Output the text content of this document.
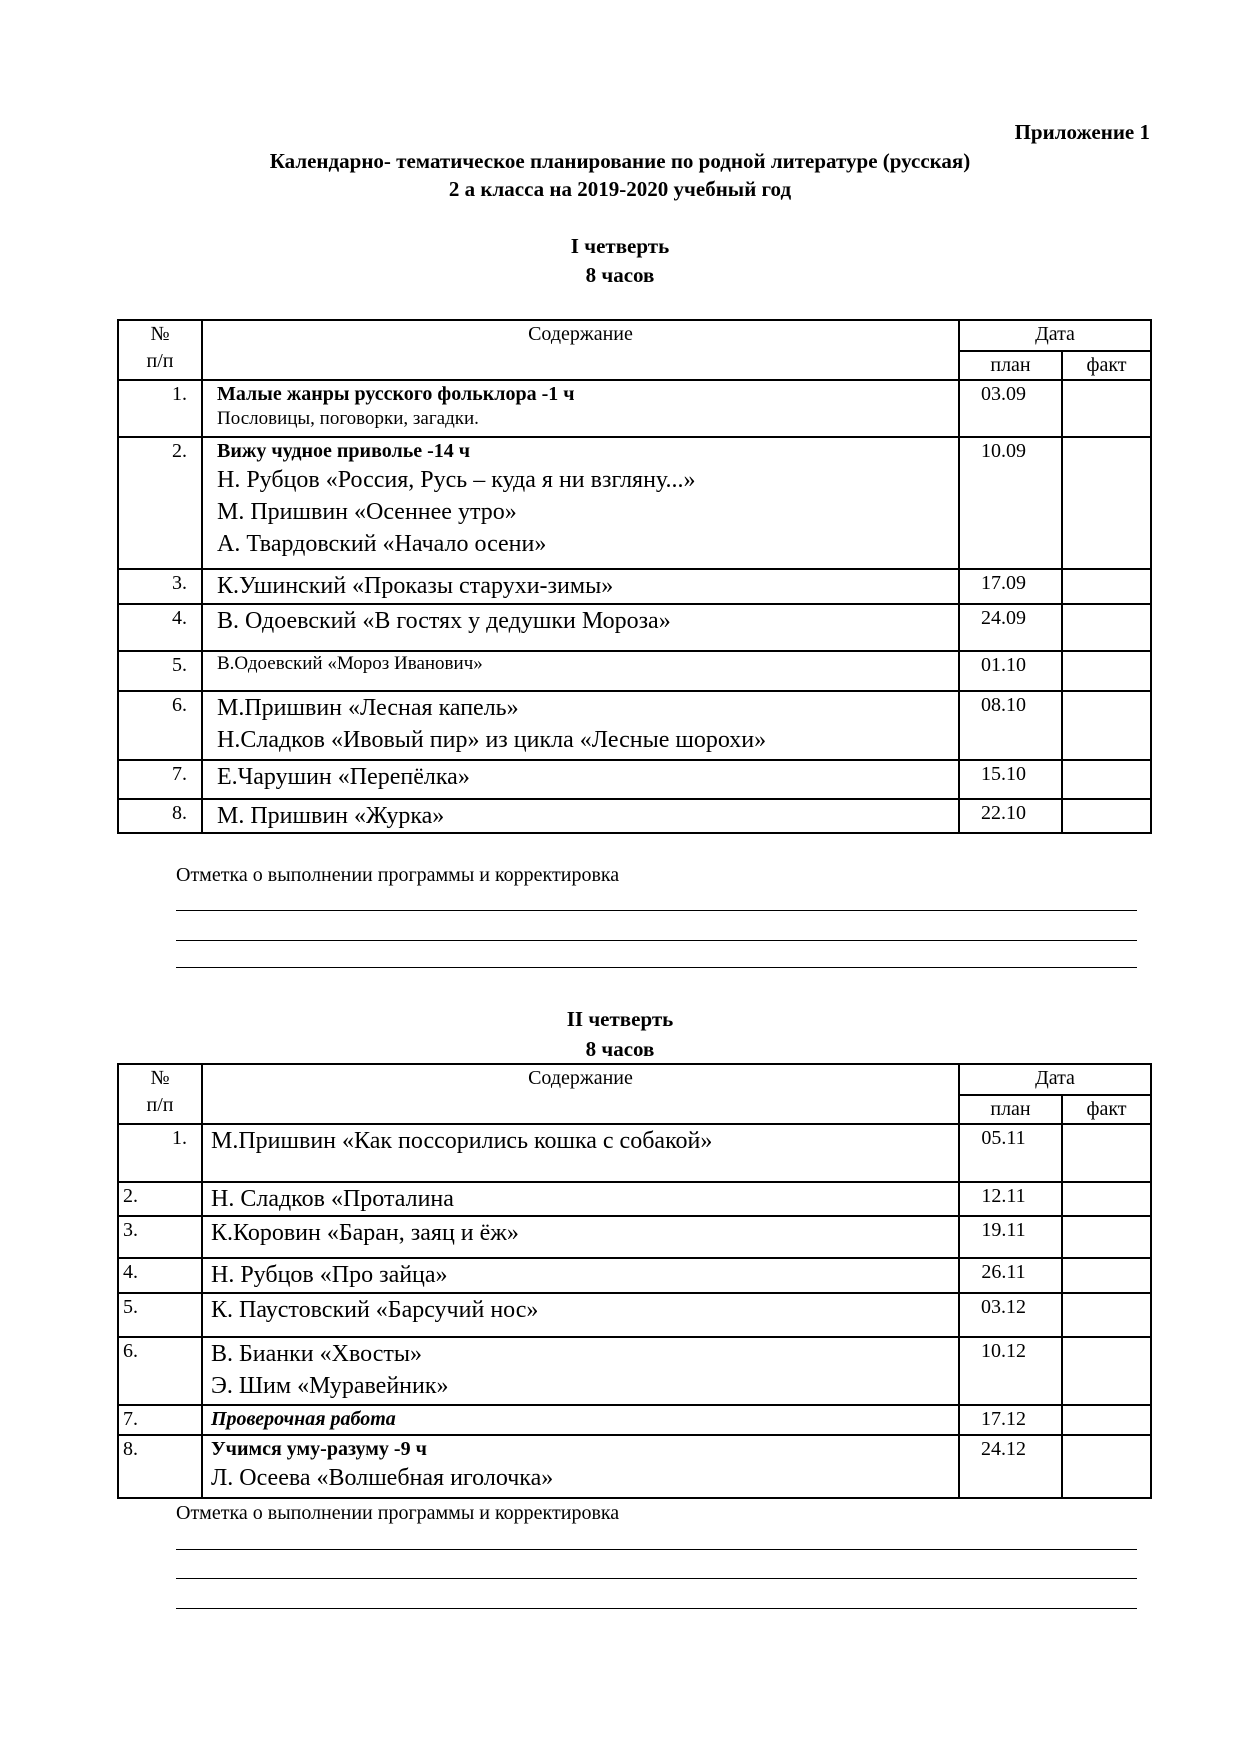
Приложение 1
Календарно- тематическое планирование по родной литературе (русская)
2 а класса на 2019-2020 учебный год
I четверть
8 часов
№
п/п	Содержание	Дата	
		план	факт
1.	Малые жанры русского фольклора -1 ч
Пословицы, поговорки, загадки.	03.09	
2.	Вижу чудное приволье -14 ч
Н. Рубцов «Россия, Русь – куда я ни взгляну...»
М. Пришвин «Осеннее утро»
А. Твардовский «Начало осени»	10.09	
3.	К.Ушинский «Проказы старухи-зимы»	17.09	
4.	В. Одоевский «В гостях у дедушки Мороза»	24.09	
5.	В.Одоевский «Мороз Иванович»	01.10	
6.	М.Пришвин «Лесная капель»
Н.Сладков «Ивовый пир» из цикла «Лесные шорохи»	08.10	
7.	Е.Чарушин «Перепёлка»	15.10	
8.	М. Пришвин «Журка»	22.10	
Отметка о выполнении программы и корректировка
II четверть
8 часов
№
п/п	Содержание	Дата	
		план	факт
1.	М.Пришвин «Как поссорились кошка с собакой»	05.11	
2.	Н. Сладков «Проталина	12.11	
3.	К.Коровин «Баран, заяц и ёж»	19.11	
4.	Н. Рубцов «Про зайца»	26.11	
5.	К. Паустовский «Барсучий нос»	03.12	
6.	В. Бианки «Хвосты»
Э. Шим «Муравейник»	10.12	
7.	Проверочная работа	17.12	
8.	Учимся уму-разуму -9 ч
Л. Осеева «Волшебная иголочка»	24.12	
Отметка о выполнении программы и корректировка
